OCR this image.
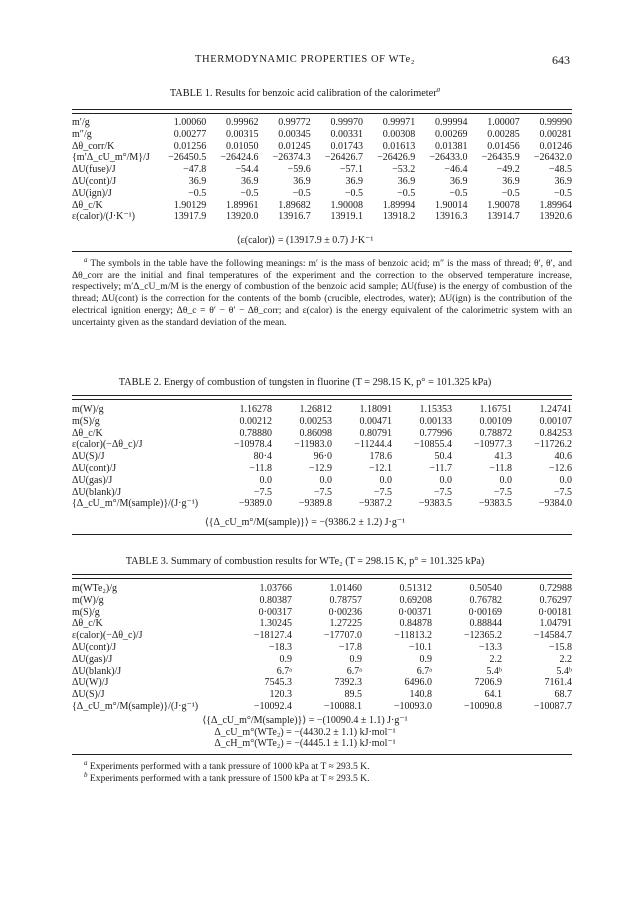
THERMODYNAMIC PROPERTIES OF WTe₂	643
TABLE 1. Results for benzoic acid calibration of the calorimeter$^a$
m′/g	1.00060	0.99962	0.99772	0.99970	0.99971	0.99994	1.00007	0.99990
m″/g	0.00277	0.00315	0.00345	0.00331	0.00308	0.00269	0.00285	0.00281
Δθ_corr/K	0.01256	0.01050	0.01245	0.01743	0.01613	0.01381	0.01456	0.01246
{m′Δ_cU_m°/M}/J	−26450.5	−26424.6	−26374.3	−26426.7	−26426.9	−26433.0	−26435.9	−26432.0
ΔU(fuse)/J	−47.8	−54.4	−59.6	−57.1	−53.2	−46.4	−49.2	−48.5
ΔU(cont)/J	36.9	36.9	36.9	36.9	36.9	36.9	36.9	36.9
ΔU(ign)/J	−0.5	−0.5	−0.5	−0.5	−0.5	−0.5	−0.5	−0.5
Δθ_c/K	1.90129	1.89961	1.89682	1.90008	1.89994	1.90014	1.90078	1.89964
ε(calor)/(J·K⁻¹)	13917.9	13920.0	13916.7	13919.1	13918.2	13916.3	13914.7	13920.6
⟨ε(calor)⟩ = (13917.9 ± 0.7) J·K⁻¹

$^a$ The symbols in the table have the following meanings: m′ is the mass of benzoic acid; m″ is the mass of thread; θ′, θ′, and Δθ_corr are the initial and final temperatures of the experiment and the correction to the observed temperature increase, respectively; m′Δ_cU_m/M is the energy of combustion of the benzoic acid sample; ΔU(fuse) is the energy of combustion of the thread; ΔU(cont) is the correction for the contents of the bomb (crucible, electrodes, water); ΔU(ign) is the contribution of the electrical ignition energy; Δθ_c = θ′ − θ′ − Δθ_corr; and ε(calor) is the energy equivalent of the calorimetric system with an uncertainty given as the standard deviation of the mean.

TABLE 2. Energy of combustion of tungsten in fluorine (T = 298.15 K, p° = 101.325 kPa)
m(W)/g	1.16278	1.26812	1.18091	1.15353	1.16751	1.24741
m(S)/g	0.00212	0.00253	0.00471	0.00133	0.00109	0.00107
Δθ_c/K	0.78880	0.86098	0.80791	0.77996	0.78872	0.84253
ε(calor)(−Δθ_c)/J	−10978.4	−11983.0	−11244.4	−10855.4	−10977.3	−11726.2
ΔU(S)/J	80·4	96·0	178.6	50.4	41.3	40.6
ΔU(cont)/J	−11.8	−12.9	−12.1	−11.7	−11.8	−12.6
ΔU(gas)/J	0.0	0.0	0.0	0.0	0.0	0.0
ΔU(blank)/J	−7.5	−7.5	−7.5	−7.5	−7.5	−7.5
{Δ_cU_m°/M(sample)}/(J·g⁻¹)	−9389.0	−9389.8	−9387.2	−9383.5	−9383.5	−9384.0
⟨{Δ_cU_m°/M(sample)}⟩ = −(9386.2 ± 1.2) J·g⁻¹
TABLE 3. Summary of combustion results for WTe₂ (T = 298.15 K, p° = 101.325 kPa)
m(WTe₂)/g	1.03766	1.01460	0.51312	0.50540	0.72988
m(W)/g	0.80387	0.78757	0.69208	0.76782	0.76297
m(S)/g	0·00317	0·00236	0·00371	0·00169	0·00181
Δθ_c/K	1.30245	1.27225	0.84878	0.88844	1.04791
ε(calor)(−Δθ_c)/J	−18127.4	−17707.0	−11813.2	−12365.2	−14584.7
ΔU(cont)/J	−18.3	−17.8	−10.1	−13.3	−15.8
ΔU(gas)/J	0.9	0.9	0.9	2.2	2.2
ΔU(blank)/J	6.7ᵃ	6.7ᵃ	6.7ᵃ	5.4ᵇ	5.4ᵇ
ΔU(W)/J	7545.3	7392.3	6496.0	7206.9	7161.4
ΔU(S)/J	120.3	89.5	140.8	64.1	68.7
{Δ_cU_m°/M(sample)}/(J·g⁻¹)	−10092.4	−10088.1	−10093.0	−10090.8	−10087.7
⟨{Δ_cU_m°/M(sample)}⟩ = −(10090.4 ± 1.1) J·g⁻¹
Δ_cU_m°(WTe₂) = −(4430.2 ± 1.1) kJ·mol⁻¹
Δ_cH_m°(WTe₂) = −(4445.1 ± 1.1) kJ·mol⁻¹

$^a$ Experiments performed with a tank pressure of 1000 kPa at T ≈ 293.5 K.

$^b$ Experiments performed with a tank pressure of 1500 kPa at T ≈ 293.5 K.
